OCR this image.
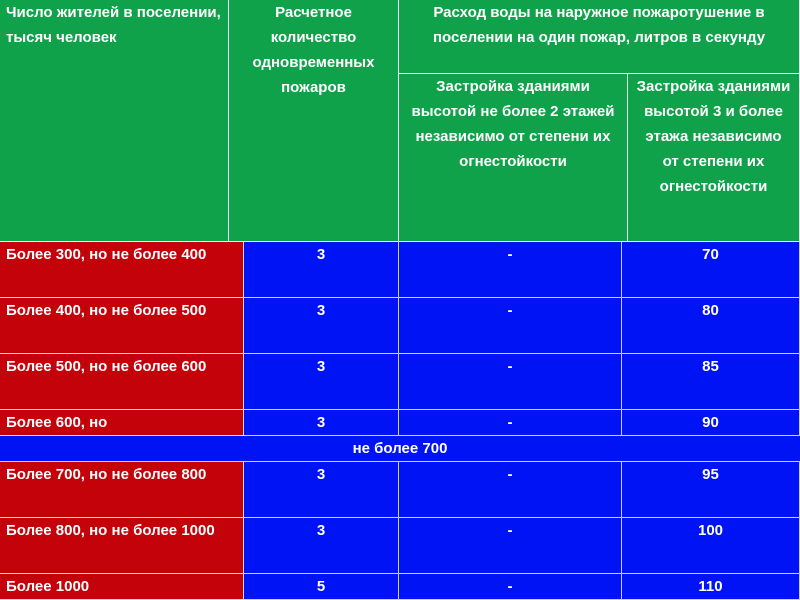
Число жителей в поселении, тысяч человек
Расчетное количество одновременных пожаров
Расход воды на наружное пожаротушение в поселении на один пожар, литров в секунду
Застройка зданиями высотой не более 2 этажей независимо от степени их огнестойкости
Застройка зданиями высотой 3 и более этажа независимо от степени их огнестойкости
Более 300, но не более 400	3	-	70
Более 400, но не более 500	3	-	80
Более 500, но не более 600	3	-	85
Более 600, но	3	-	90
не более 700
Более 700, но не более 800	3	-	95
Более 800, но не более 1000	3	-	100
Более 1000	5	-	110
